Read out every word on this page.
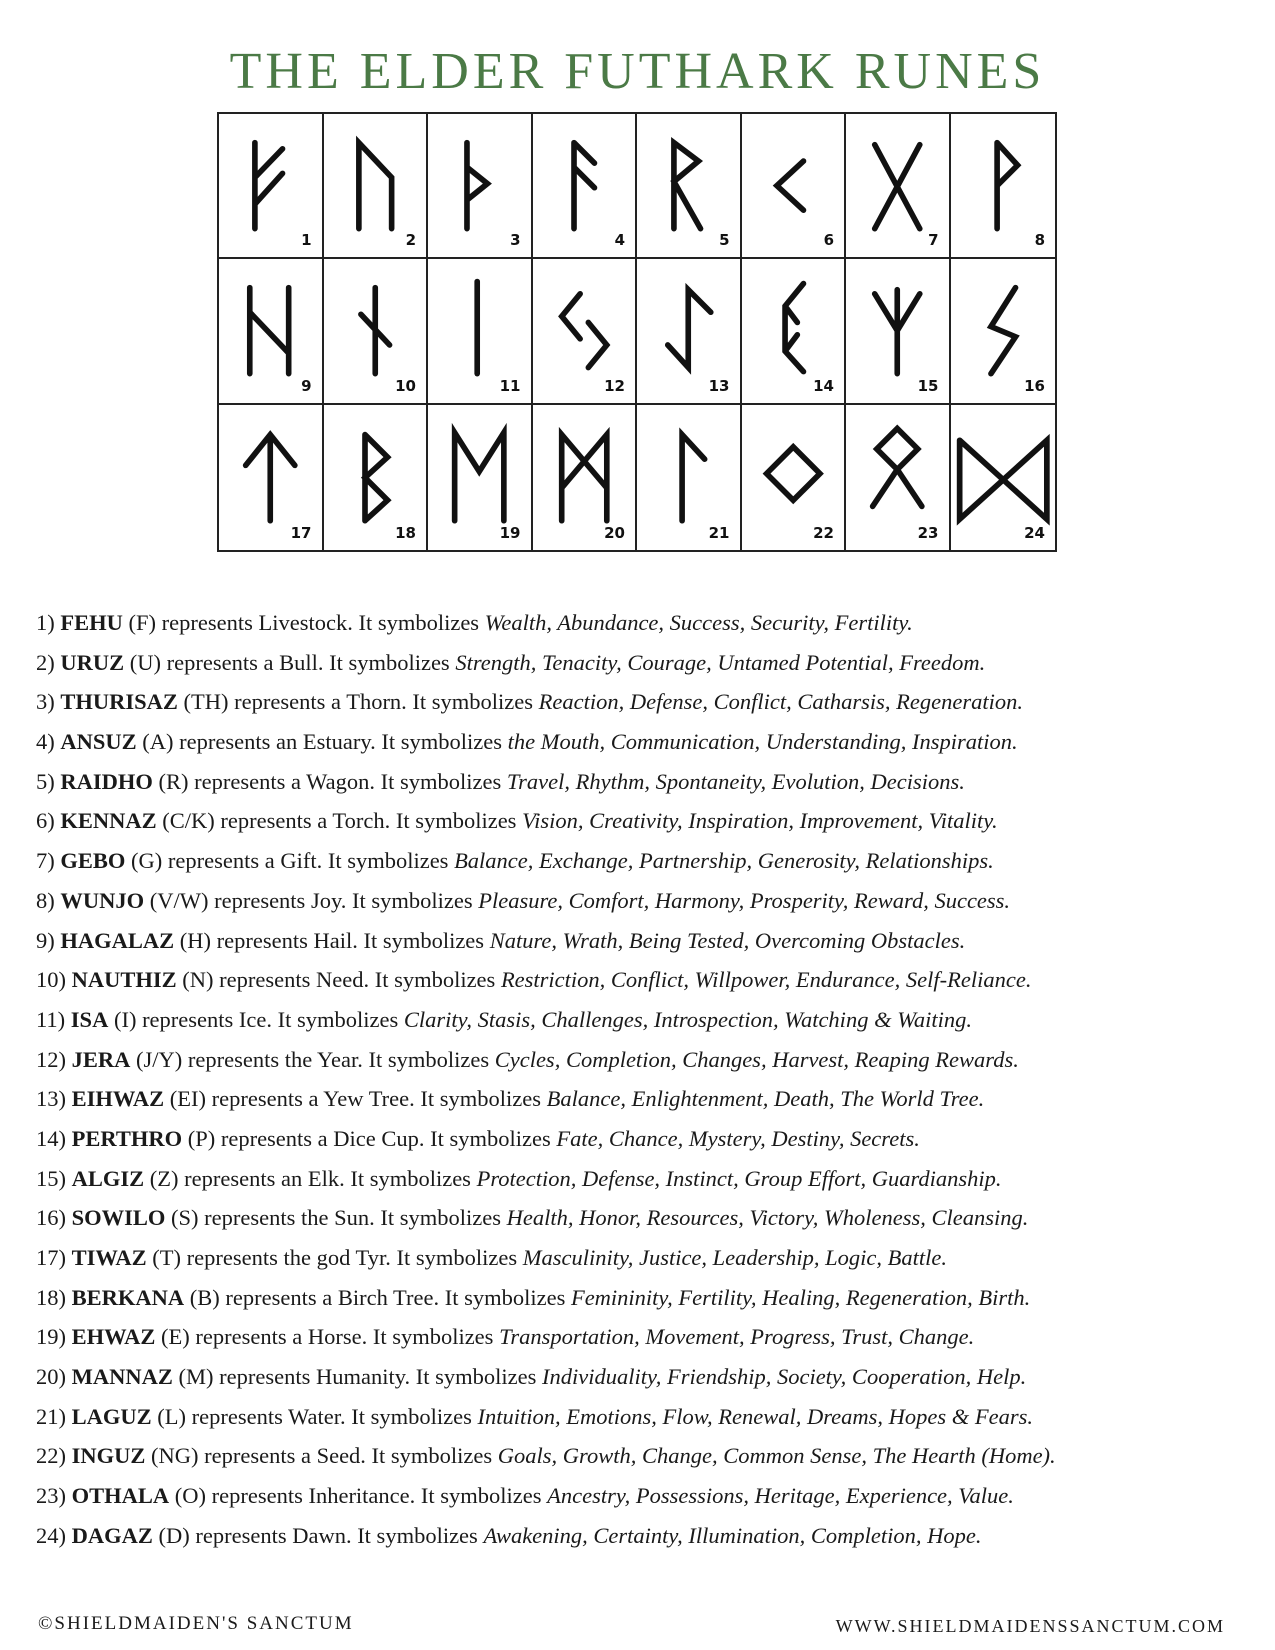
THE ELDER FUTHARK RUNES
1	2	3	4	5	6	7	8
9	10	11	12	13	14	15	16
17	18	19	20	21	22	23	24
1) FEHU (F) represents Livestock. It symbolizes Wealth, Abundance, Success, Security, Fertility.
2) URUZ (U) represents a Bull. It symbolizes Strength, Tenacity, Courage, Untamed Potential, Freedom.
3) THURISAZ (TH) represents a Thorn. It symbolizes Reaction, Defense, Conflict, Catharsis, Regeneration.
4) ANSUZ (A) represents an Estuary. It symbolizes the Mouth, Communication, Understanding, Inspiration.
5) RAIDHO (R) represents a Wagon. It symbolizes Travel, Rhythm, Spontaneity, Evolution, Decisions.
6) KENNAZ (C/K) represents a Torch. It symbolizes Vision, Creativity, Inspiration, Improvement, Vitality.
7) GEBO (G) represents a Gift. It symbolizes Balance, Exchange, Partnership, Generosity, Relationships.
8) WUNJO (V/W) represents Joy. It symbolizes Pleasure, Comfort, Harmony, Prosperity, Reward, Success.
9) HAGALAZ (H) represents Hail. It symbolizes Nature, Wrath, Being Tested, Overcoming Obstacles.
10) NAUTHIZ (N) represents Need. It symbolizes Restriction, Conflict, Willpower, Endurance, Self-Reliance.
11) ISA (I) represents Ice. It symbolizes Clarity, Stasis, Challenges, Introspection, Watching & Waiting.
12) JERA (J/Y) represents the Year. It symbolizes Cycles, Completion, Changes, Harvest, Reaping Rewards.
13) EIHWAZ (EI) represents a Yew Tree. It symbolizes Balance, Enlightenment, Death, The World Tree.
14) PERTHRO (P) represents a Dice Cup. It symbolizes Fate, Chance, Mystery, Destiny, Secrets.
15) ALGIZ (Z) represents an Elk. It symbolizes Protection, Defense, Instinct, Group Effort, Guardianship.
16) SOWILO (S) represents the Sun. It symbolizes Health, Honor, Resources, Victory, Wholeness, Cleansing.
17) TIWAZ (T) represents the god Tyr. It symbolizes Masculinity, Justice, Leadership, Logic, Battle.
18) BERKANA (B) represents a Birch Tree. It symbolizes Femininity, Fertility, Healing, Regeneration, Birth.
19) EHWAZ (E) represents a Horse. It symbolizes Transportation, Movement, Progress, Trust, Change.
20) MANNAZ (M) represents Humanity. It symbolizes Individuality, Friendship, Society, Cooperation, Help.
21) LAGUZ (L) represents Water. It symbolizes Intuition, Emotions, Flow, Renewal, Dreams, Hopes & Fears.
22) INGUZ (NG) represents a Seed. It symbolizes Goals, Growth, Change, Common Sense, The Hearth (Home).
23) OTHALA (O) represents Inheritance. It symbolizes Ancestry, Possessions, Heritage, Experience, Value.
24) DAGAZ (D) represents Dawn. It symbolizes Awakening, Certainty, Illumination, Completion, Hope.
©SHIELDMAIDEN'S SANCTUM	WWW.SHIELDMAIDENSSANCTUM.COM
